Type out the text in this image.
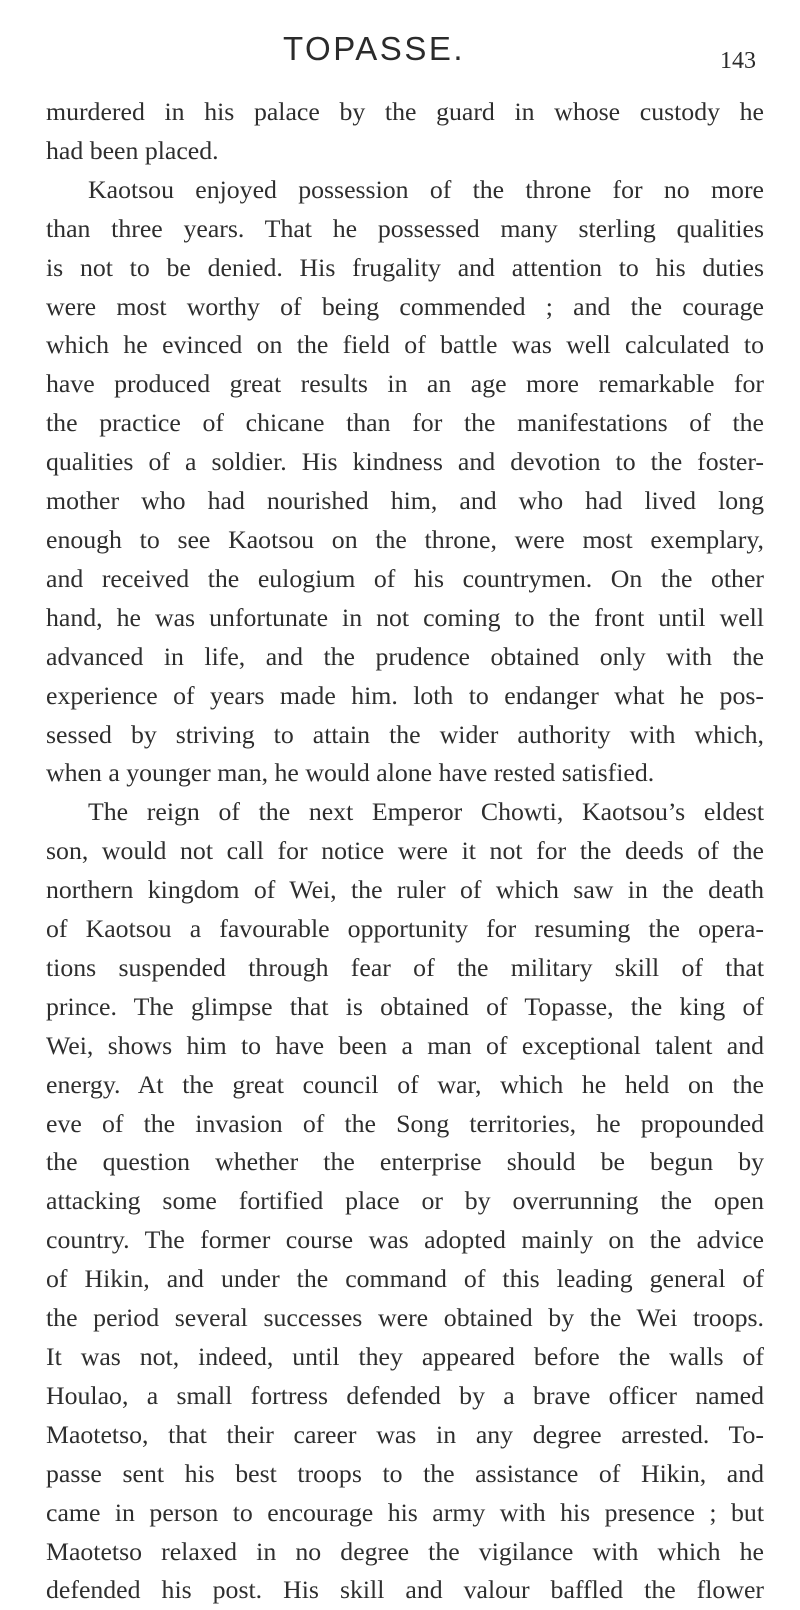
TOPASSE.	143
murdered in his palace by the guard in whose custody he
had been placed.
Kaotsou enjoyed possession of the throne for no more
than three years. That he possessed many sterling qualities
is not to be denied. His frugality and attention to his duties
were most worthy of being commended ; and the courage
which he evinced on the field of battle was well calculated to
have produced great results in an age more remarkable for
the practice of chicane than for the manifestations of the
qualities of a soldier. His kindness and devotion to the foster-
mother who had nourished him, and who had lived long
enough to see Kaotsou on the throne, were most exemplary,
and received the eulogium of his countrymen. On the other
hand, he was unfortunate in not coming to the front until well
advanced in life, and the prudence obtained only with the
experience of years made him. loth to endanger what he pos-
sessed by striving to attain the wider authority with which,
when a younger man, he would alone have rested satisfied.
The reign of the next Emperor Chowti, Kaotsou’s eldest
son, would not call for notice were it not for the deeds of the
northern kingdom of Wei, the ruler of which saw in the death
of Kaotsou a favourable opportunity for resuming the opera-
tions suspended through fear of the military skill of that
prince. The glimpse that is obtained of Topasse, the king of
Wei, shows him to have been a man of exceptional talent and
energy. At the great council of war, which he held on the
eve of the invasion of the Song territories, he propounded
the question whether the enterprise should be begun by
attacking some fortified place or by overrunning the open
country. The former course was adopted mainly on the advice
of Hikin, and under the command of this leading general of
the period several successes were obtained by the Wei troops.
It was not, indeed, until they appeared before the walls of
Houlao, a small fortress defended by a brave officer named
Maotetso, that their career was in any degree arrested. To-
passe sent his best troops to the assistance of Hikin, and
came in person to encourage his army with his presence ; but
Maotetso relaxed in no degree the vigilance with which he
defended his post. His skill and valour baffled the flower
